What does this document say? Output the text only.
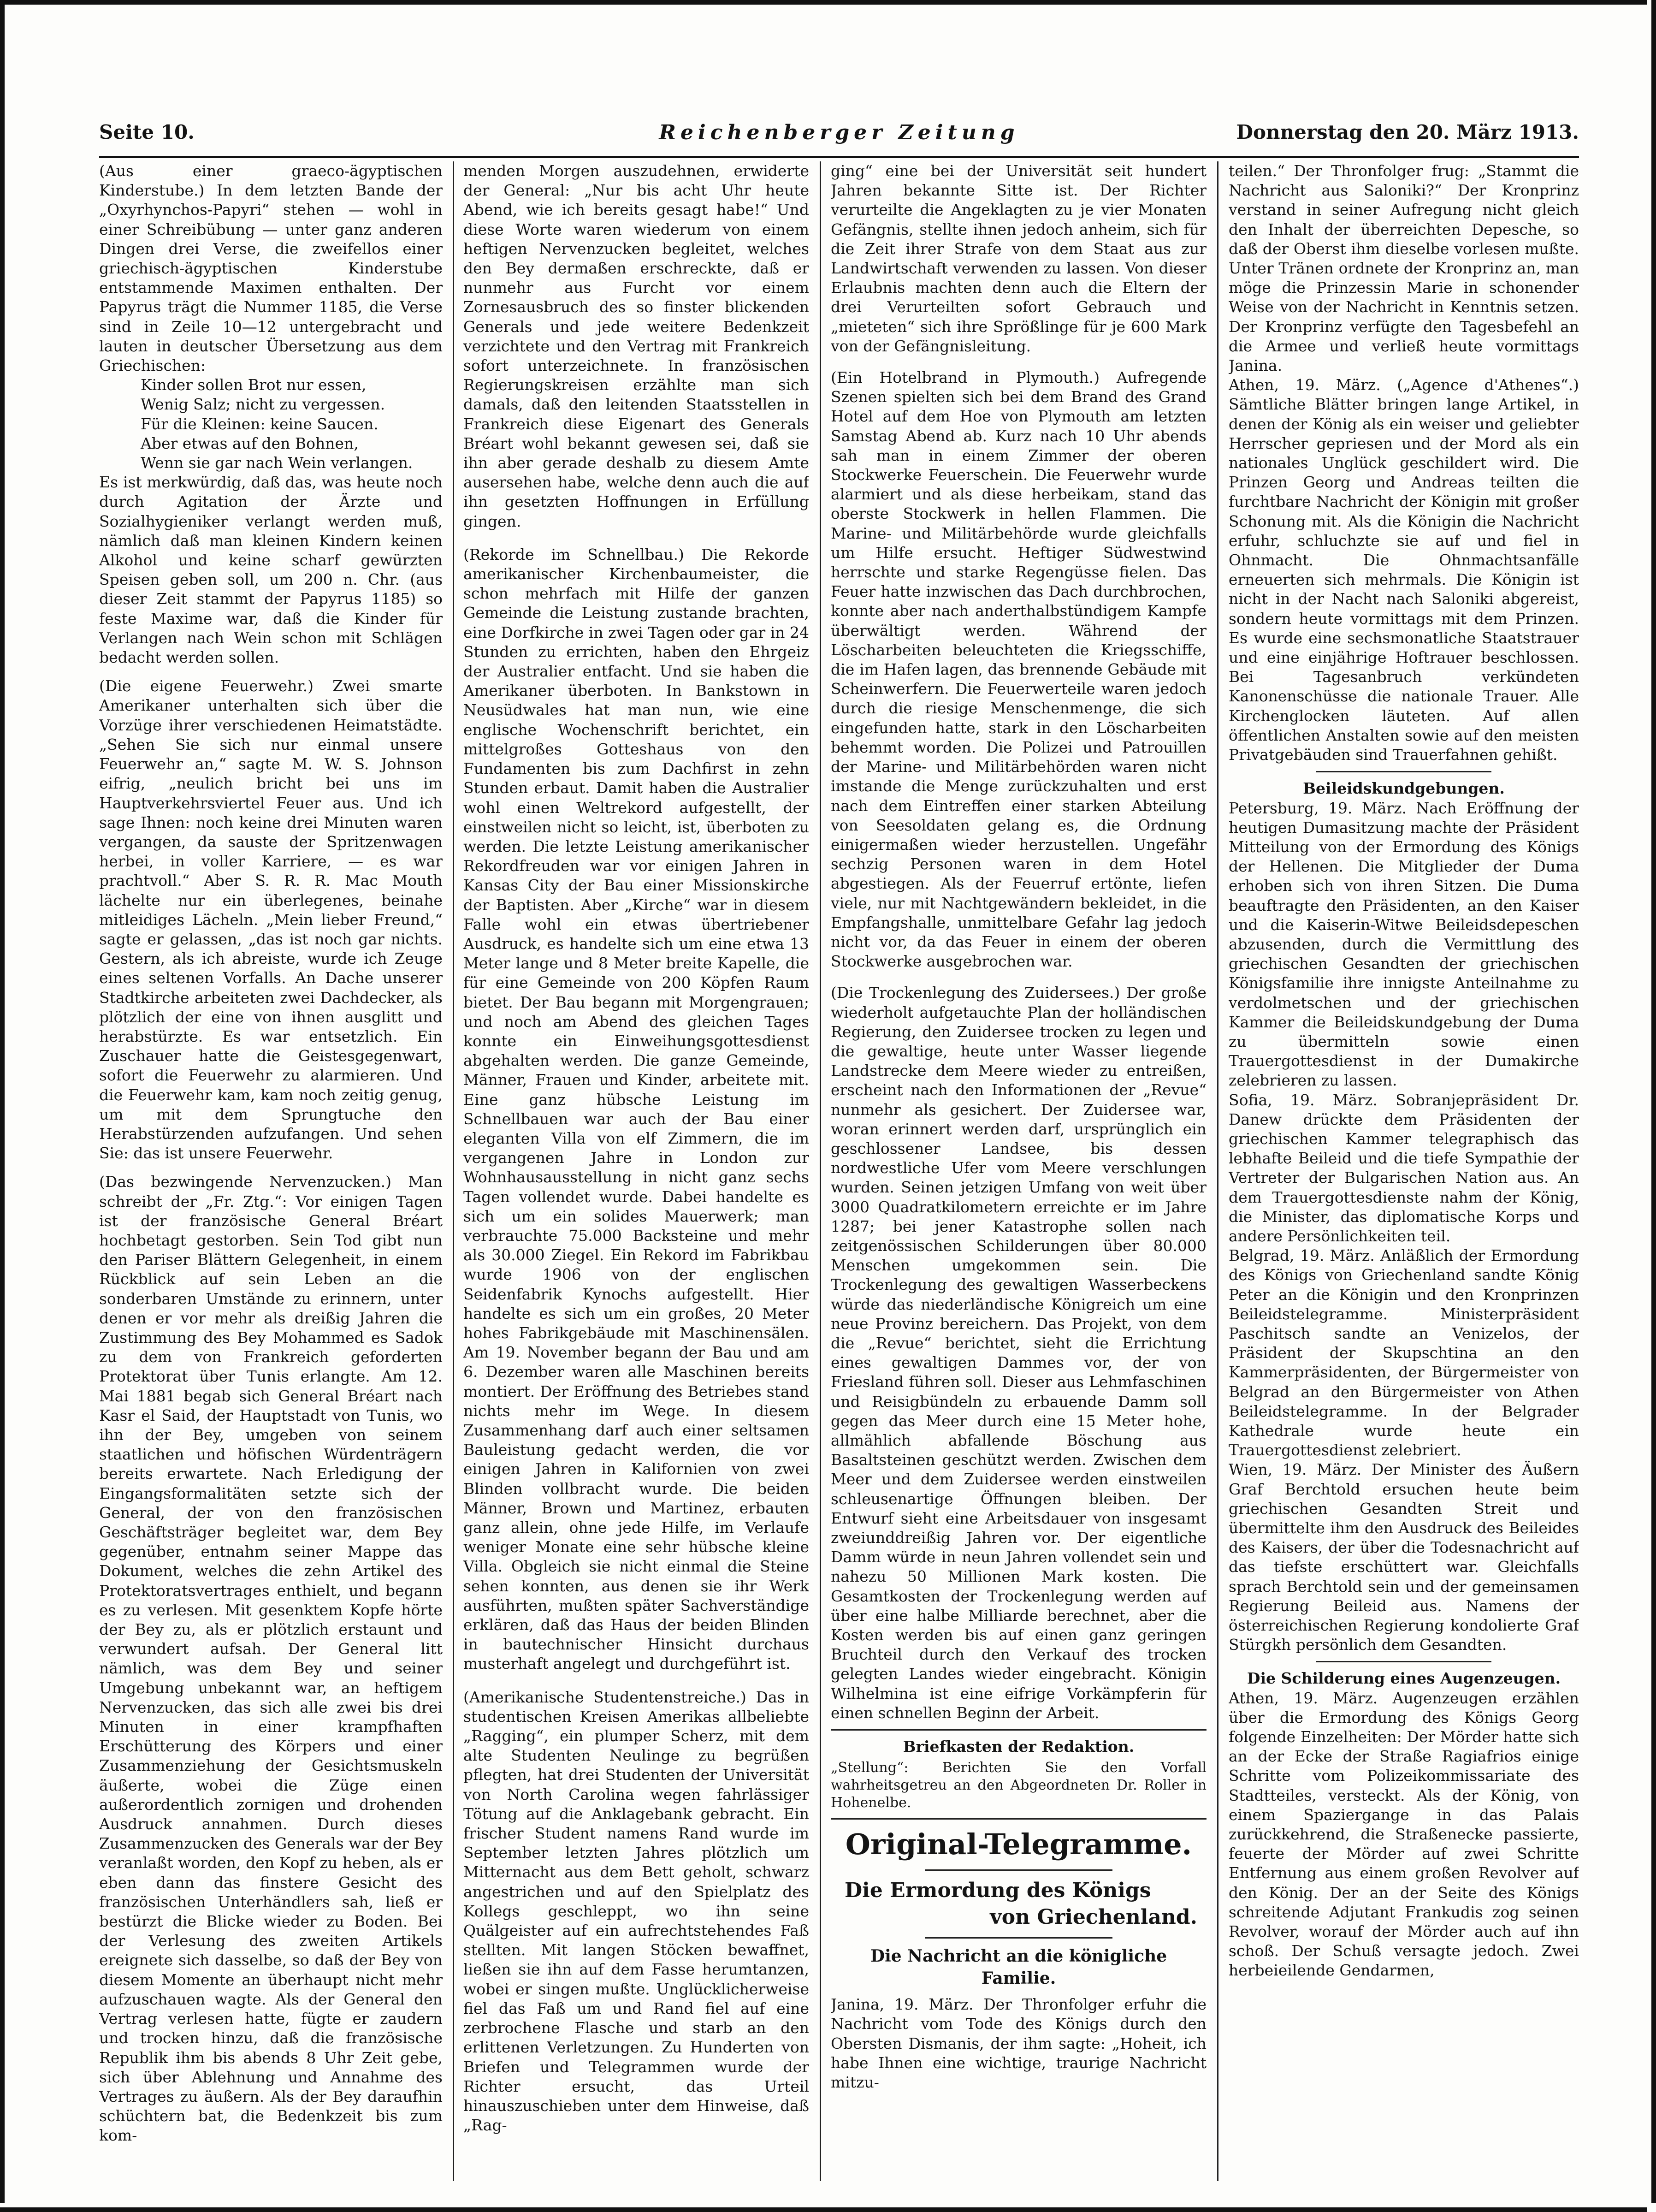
Seite 10.	Reichenberger Zeitung	Donnerstag den 20. März 1913.

(Aus einer graeco-ägyptischen Kinderstube.) In dem letzten Bande der „Oxyrhynchos-Papyri“ stehen — wohl in einer Schreibübung — unter ganz anderen Dingen drei Verse, die zweifellos einer griechisch-ägyptischen Kinderstube entstammende Maximen enthalten. Der Papyrus trägt die Nummer 1185, die Verse sind in Zeile 10—12 untergebracht und lauten in deutscher Übersetzung aus dem Griechischen:

Kinder sollen Brot nur essen,

Wenig Salz; nicht zu vergessen.

Für die Kleinen: keine Saucen.

Aber etwas auf den Bohnen,

Wenn sie gar nach Wein verlangen.

Es ist merkwürdig, daß das, was heute noch durch Agitation der Ärzte und Sozialhygieniker verlangt werden muß, nämlich daß man kleinen Kindern keinen Alkohol und keine scharf gewürzten Speisen geben soll, um 200 n. Chr. (aus dieser Zeit stammt der Papyrus 1185) so feste Maxime war, daß die Kinder für Verlangen nach Wein schon mit Schlägen bedacht werden sollen.

(Die eigene Feuerwehr.) Zwei smarte Amerikaner unterhalten sich über die Vorzüge ihrer verschiedenen Heimatstädte. „Sehen Sie sich nur einmal unsere Feuerwehr an,“ sagte M. W. S. Johnson eifrig, „neulich bricht bei uns im Hauptverkehrsviertel Feuer aus. Und ich sage Ihnen: noch keine drei Minuten waren vergangen, da sauste der Spritzenwagen herbei, in voller Karriere, — es war prachtvoll.“ Aber S. R. R. Mac Mouth lächelte nur ein überlegenes, beinahe mitleidiges Lächeln. „Mein lieber Freund,“ sagte er gelassen, „das ist noch gar nichts. Gestern, als ich abreiste, wurde ich Zeuge eines seltenen Vorfalls. An Dache unserer Stadtkirche arbeiteten zwei Dachdecker, als plötzlich der eine von ihnen ausglitt und herabstürzte. Es war entsetzlich. Ein Zuschauer hatte die Geistesgegenwart, sofort die Feuerwehr zu alarmieren. Und die Feuerwehr kam, kam noch zeitig genug, um mit dem Sprungtuche den Herabstürzenden aufzufangen. Und sehen Sie: das ist unsere Feuerwehr.

(Das bezwingende Nervenzucken.) Man schreibt der „Fr. Ztg.“: Vor einigen Tagen ist der französische General Bréart hochbetagt gestorben. Sein Tod gibt nun den Pariser Blättern Gelegenheit, in einem Rückblick auf sein Leben an die sonderbaren Umstände zu erinnern, unter denen er vor mehr als dreißig Jahren die Zustimmung des Bey Mohammed es Sadok zu dem von Frankreich geforderten Protektorat über Tunis erlangte. Am 12. Mai 1881 begab sich General Bréart nach Kasr el Said, der Hauptstadt von Tunis, wo ihn der Bey, umgeben von seinem staatlichen und höfischen Würdenträgern bereits erwartete. Nach Erledigung der Eingangsformalitäten setzte sich der General, der von den französischen Geschäftsträger begleitet war, dem Bey gegenüber, entnahm seiner Mappe das Dokument, welches die zehn Artikel des Protektoratsvertrages enthielt, und begann es zu verlesen. Mit gesenktem Kopfe hörte der Bey zu, als er plötzlich erstaunt und verwundert aufsah. Der General litt nämlich, was dem Bey und seiner Umgebung unbekannt war, an heftigem Nervenzucken, das sich alle zwei bis drei Minuten in einer krampfhaften Erschütterung des Körpers und einer Zusammenziehung der Gesichtsmuskeln äußerte, wobei die Züge einen außerordentlich zornigen und drohenden Ausdruck annahmen. Durch dieses Zusammenzucken des Generals war der Bey veranlaßt worden, den Kopf zu heben, als er eben dann das finstere Gesicht des französischen Unterhändlers sah, ließ er bestürzt die Blicke wieder zu Boden. Bei der Verlesung des zweiten Artikels ereignete sich dasselbe, so daß der Bey von diesem Momente an überhaupt nicht mehr aufzuschauen wagte. Als der General den Vertrag verlesen hatte, fügte er zaudern und trocken hinzu, daß die französische Republik ihm bis abends 8 Uhr Zeit gebe, sich über Ablehnung und Annahme des Vertrages zu äußern. Als der Bey daraufhin schüchtern bat, die Bedenkzeit bis zum kom-

menden Morgen auszudehnen, erwiderte der General: „Nur bis acht Uhr heute Abend, wie ich bereits gesagt habe!“ Und diese Worte waren wiederum von einem heftigen Nervenzucken begleitet, welches den Bey dermaßen erschreckte, daß er nunmehr aus Furcht vor einem Zornesausbruch des so finster blickenden Generals und jede weitere Bedenkzeit verzichtete und den Vertrag mit Frankreich sofort unterzeichnete. In französischen Regierungskreisen erzählte man sich damals, daß den leitenden Staatsstellen in Frankreich diese Eigenart des Generals Bréart wohl bekannt gewesen sei, daß sie ihn aber gerade deshalb zu diesem Amte ausersehen habe, welche denn auch die auf ihn gesetzten Hoffnungen in Erfüllung gingen.

(Rekorde im Schnellbau.) Die Rekorde amerikanischer Kirchenbaumeister, die schon mehrfach mit Hilfe der ganzen Gemeinde die Leistung zustande brachten, eine Dorfkirche in zwei Tagen oder gar in 24 Stunden zu errichten, haben den Ehrgeiz der Australier entfacht. Und sie haben die Amerikaner überboten. In Bankstown in Neusüdwales hat man nun, wie eine englische Wochenschrift berichtet, ein mittelgroßes Gotteshaus von den Fundamenten bis zum Dachfirst in zehn Stunden erbaut. Damit haben die Australier wohl einen Weltrekord aufgestellt, der einstweilen nicht so leicht, ist, überboten zu werden. Die letzte Leistung amerikanischer Rekordfreuden war vor einigen Jahren in Kansas City der Bau einer Missionskirche der Baptisten. Aber „Kirche“ war in diesem Falle wohl ein etwas übertriebener Ausdruck, es handelte sich um eine etwa 13 Meter lange und 8 Meter breite Kapelle, die für eine Gemeinde von 200 Köpfen Raum bietet. Der Bau begann mit Morgengrauen; und noch am Abend des gleichen Tages konnte ein Einweihungsgottesdienst abgehalten werden. Die ganze Gemeinde, Männer, Frauen und Kinder, arbeitete mit. Eine ganz hübsche Leistung im Schnellbauen war auch der Bau einer eleganten Villa von elf Zimmern, die im vergangenen Jahre in London zur Wohnhausausstellung in nicht ganz sechs Tagen vollendet wurde. Dabei handelte es sich um ein solides Mauerwerk; man verbrauchte 75.000 Backsteine und mehr als 30.000 Ziegel. Ein Rekord im Fabrikbau wurde 1906 von der englischen Seidenfabrik Kynochs aufgestellt. Hier handelte es sich um ein großes, 20 Meter hohes Fabrikgebäude mit Maschinensälen. Am 19. November begann der Bau und am 6. Dezember waren alle Maschinen bereits montiert. Der Eröffnung des Betriebes stand nichts mehr im Wege. In diesem Zusammenhang darf auch einer seltsamen Bauleistung gedacht werden, die vor einigen Jahren in Kalifornien von zwei Blinden vollbracht wurde. Die beiden Männer, Brown und Martinez, erbauten ganz allein, ohne jede Hilfe, im Verlaufe weniger Monate eine sehr hübsche kleine Villa. Obgleich sie nicht einmal die Steine sehen konnten, aus denen sie ihr Werk ausführten, mußten später Sachverständige erklären, daß das Haus der beiden Blinden in bautechnischer Hinsicht durchaus musterhaft angelegt und durchgeführt ist.

(Amerikanische Studentenstreiche.) Das in studentischen Kreisen Amerikas allbeliebte „Ragging“, ein plumper Scherz, mit dem alte Studenten Neulinge zu begrüßen pflegten, hat drei Studenten der Universität von North Carolina wegen fahrlässiger Tötung auf die Anklagebank gebracht. Ein frischer Student namens Rand wurde im September letzten Jahres plötzlich um Mitternacht aus dem Bett geholt, schwarz angestrichen und auf den Spielplatz des Kollegs geschleppt, wo ihn seine Quälgeister auf ein aufrechtstehendes Faß stellten. Mit langen Stöcken bewaffnet, ließen sie ihn auf dem Fasse herumtanzen, wobei er singen mußte. Unglücklicherweise fiel das Faß um und Rand fiel auf eine zerbrochene Flasche und starb an den erlittenen Verletzungen. Zu Hunderten von Briefen und Telegrammen wurde der Richter ersucht, das Urteil hinauszuschieben unter dem Hinweise, daß „Rag-

ging“ eine bei der Universität seit hundert Jahren bekannte Sitte ist. Der Richter verurteilte die Angeklagten zu je vier Monaten Gefängnis, stellte ihnen jedoch anheim, sich für die Zeit ihrer Strafe von dem Staat aus zur Landwirtschaft verwenden zu lassen. Von dieser Erlaubnis machten denn auch die Eltern der drei Verurteilten sofort Gebrauch und „mieteten“ sich ihre Sprößlinge für je 600 Mark von der Gefängnisleitung.

(Ein Hotelbrand in Plymouth.) Aufregende Szenen spielten sich bei dem Brand des Grand Hotel auf dem Hoe von Plymouth am letzten Samstag Abend ab. Kurz nach 10 Uhr abends sah man in einem Zimmer der oberen Stockwerke Feuerschein. Die Feuerwehr wurde alarmiert und als diese herbeikam, stand das oberste Stockwerk in hellen Flammen. Die Marine- und Militärbehörde wurde gleichfalls um Hilfe ersucht. Heftiger Südwestwind herrschte und starke Regengüsse fielen. Das Feuer hatte inzwischen das Dach durchbrochen, konnte aber nach anderthalbstündigem Kampfe überwältigt werden. Während der Löscharbeiten beleuchteten die Kriegsschiffe, die im Hafen lagen, das brennende Gebäude mit Scheinwerfern. Die Feuerwerteile waren jedoch durch die riesige Menschenmenge, die sich eingefunden hatte, stark in den Löscharbeiten behemmt worden. Die Polizei und Patrouillen der Marine- und Militärbehörden waren nicht imstande die Menge zurückzuhalten und erst nach dem Eintreffen einer starken Abteilung von Seesoldaten gelang es, die Ordnung einigermaßen wieder herzustellen. Ungefähr sechzig Personen waren in dem Hotel abgestiegen. Als der Feuerruf ertönte, liefen viele, nur mit Nachtgewändern bekleidet, in die Empfangshalle, unmittelbare Gefahr lag jedoch nicht vor, da das Feuer in einem der oberen Stockwerke ausgebrochen war.

(Die Trockenlegung des Zuidersees.) Der große wiederholt aufgetauchte Plan der holländischen Regierung, den Zuidersee trocken zu legen und die gewaltige, heute unter Wasser liegende Landstrecke dem Meere wieder zu entreißen, erscheint nach den Informationen der „Revue“ nunmehr als gesichert. Der Zuidersee war, woran erinnert werden darf, ursprünglich ein geschlossener Landsee, bis dessen nordwestliche Ufer vom Meere verschlungen wurden. Seinen jetzigen Umfang von weit über 3000 Quadratkilometern erreichte er im Jahre 1287; bei jener Katastrophe sollen nach zeitgenössischen Schilderungen über 80.000 Menschen umgekommen sein. Die Trockenlegung des gewaltigen Wasserbeckens würde das niederländische Königreich um eine neue Provinz bereichern. Das Projekt, von dem die „Revue“ berichtet, sieht die Errichtung eines gewaltigen Dammes vor, der von Friesland führen soll. Dieser aus Lehmfaschinen und Reisigbündeln zu erbauende Damm soll gegen das Meer durch eine 15 Meter hohe, allmählich abfallende Böschung aus Basaltsteinen geschützt werden. Zwischen dem Meer und dem Zuidersee werden einstweilen schleusenartige Öffnungen bleiben. Der Entwurf sieht eine Arbeitsdauer von insgesamt zweiunddreißig Jahren vor. Der eigentliche Damm würde in neun Jahren vollendet sein und nahezu 50 Millionen Mark kosten. Die Gesamtkosten der Trockenlegung werden auf über eine halbe Milliarde berechnet, aber die Kosten werden bis auf einen ganz geringen Bruchteil durch den Verkauf des trocken gelegten Landes wieder eingebracht. Königin Wilhelmina ist eine eifrige Vorkämpferin für einen schnellen Beginn der Arbeit.

Briefkasten der Redaktion.

„Stellung“: Berichten Sie den Vorfall wahrheitsgetreu an den Abgeordneten Dr. Roller in Hohenelbe.

Original-Telegramme.
Die Ermordung des Königs
von Griechenland.
Die Nachricht an die königliche Familie.

Janina, 19. März. Der Thronfolger erfuhr die Nachricht vom Tode des Königs durch den Obersten Dismanis, der ihm sagte: „Hoheit, ich habe Ihnen eine wichtige, traurige Nachricht mitzu-

teilen.“ Der Thronfolger frug: „Stammt die Nachricht aus Saloniki?“ Der Kronprinz verstand in seiner Aufregung nicht gleich den Inhalt der überreichten Depesche, so daß der Oberst ihm dieselbe vorlesen mußte. Unter Tränen ordnete der Kronprinz an, man möge die Prinzessin Marie in schonender Weise von der Nachricht in Kenntnis setzen. Der Kronprinz verfügte den Tagesbefehl an die Armee und verließ heute vormittags Janina.

Athen, 19. März. („Agence d'Athenes“.) Sämtliche Blätter bringen lange Artikel, in denen der König als ein weiser und geliebter Herrscher gepriesen und der Mord als ein nationales Unglück geschildert wird. Die Prinzen Georg und Andreas teilten die furchtbare Nachricht der Königin mit großer Schonung mit. Als die Königin die Nachricht erfuhr, schluchzte sie auf und fiel in Ohnmacht. Die Ohnmachtsanfälle erneuerten sich mehrmals. Die Königin ist nicht in der Nacht nach Saloniki abgereist, sondern heute vormittags mit dem Prinzen. Es wurde eine sechsmonatliche Staatstrauer und eine einjährige Hoftrauer beschlossen. Bei Tagesanbruch verkündeten Kanonenschüsse die nationale Trauer. Alle Kirchenglocken läuteten. Auf allen öffentlichen Anstalten sowie auf den meisten Privatgebäuden sind Trauerfahnen gehißt.

Beileidskundgebungen.

Petersburg, 19. März. Nach Eröffnung der heutigen Dumasitzung machte der Präsident Mitteilung von der Ermordung des Königs der Hellenen. Die Mitglieder der Duma erhoben sich von ihren Sitzen. Die Duma beauftragte den Präsidenten, an den Kaiser und die Kaiserin-Witwe Beileidsdepeschen abzusenden, durch die Vermittlung des griechischen Gesandten der griechischen Königsfamilie ihre innigste Anteilnahme zu verdolmetschen und der griechischen Kammer die Beileidskundgebung der Duma zu übermitteln sowie einen Trauergottesdienst in der Dumakirche zelebrieren zu lassen.

Sofia, 19. März. Sobranjepräsident Dr. Danew drückte dem Präsidenten der griechischen Kammer telegraphisch das lebhafte Beileid und die tiefe Sympathie der Vertreter der Bulgarischen Nation aus. An dem Trauergottesdienste nahm der König, die Minister, das diplomatische Korps und andere Persönlichkeiten teil.

Belgrad, 19. März. Anläßlich der Ermordung des Königs von Griechenland sandte König Peter an die Königin und den Kronprinzen Beileidstelegramme. Ministerpräsident Paschitsch sandte an Venizelos, der Präsident der Skupschtina an den Kammerpräsidenten, der Bürgermeister von Belgrad an den Bürgermeister von Athen Beileidstelegramme. In der Belgrader Kathedrale wurde heute ein Trauergottesdienst zelebriert.

Wien, 19. März. Der Minister des Äußern Graf Berchtold ersuchen heute beim griechischen Gesandten Streit und übermittelte ihm den Ausdruck des Beileides des Kaisers, der über die Todesnachricht auf das tiefste erschüttert war. Gleichfalls sprach Berchtold sein und der gemeinsamen Regierung Beileid aus. Namens der österreichischen Regierung kondolierte Graf Stürgkh persönlich dem Gesandten.

Die Schilderung eines Augenzeugen.

Athen, 19. März. Augenzeugen erzählen über die Ermordung des Königs Georg folgende Einzelheiten: Der Mörder hatte sich an der Ecke der Straße Ragiafrios einige Schritte vom Polizeikommissariate des Stadtteiles, versteckt. Als der König, von einem Spaziergange in das Palais zurückkehrend, die Straßenecke passierte, feuerte der Mörder auf zwei Schritte Entfernung aus einem großen Revolver auf den König. Der an der Seite des Königs schreitende Adjutant Frankudis zog seinen Revolver, worauf der Mörder auch auf ihn schoß. Der Schuß versagte jedoch. Zwei herbeieilende Gendarmen,
